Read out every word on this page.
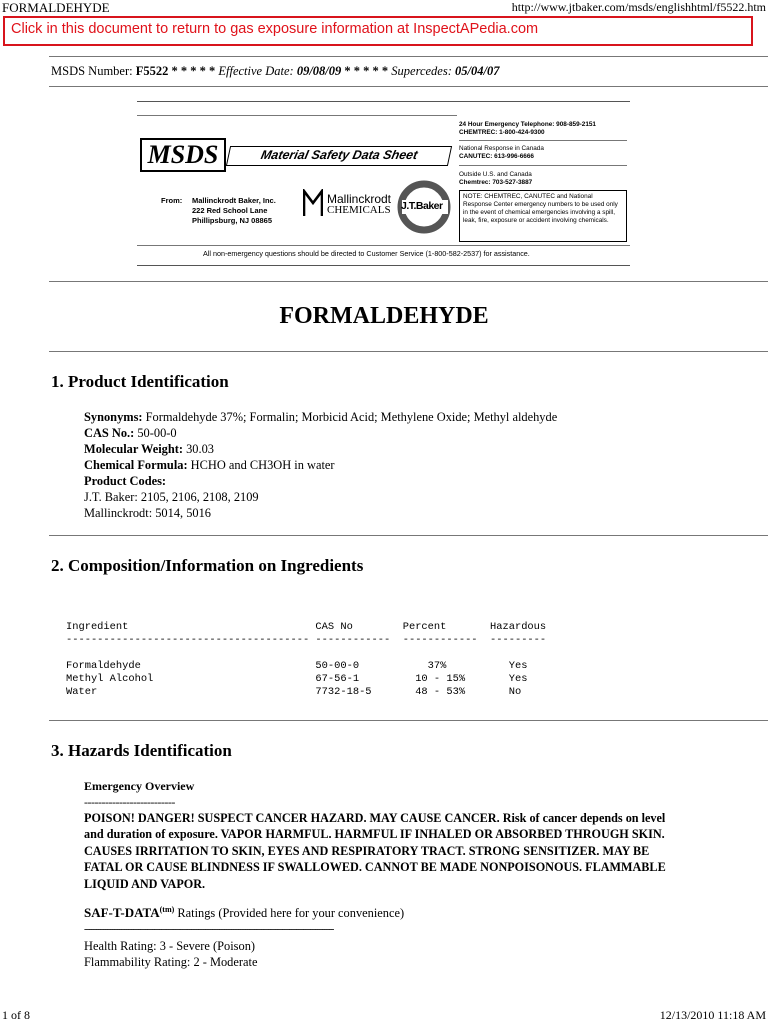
FORMALDEHYDE	http://www.jtbaker.com/msds/englishhtml/f5522.htm
Click in this document to return to gas exposure information at InspectAPedia.com
MSDS Number: F5522 * * * * * Effective Date: 09/08/09 * * * * * Supercedes: 05/04/07
MSDS	Material Safety Data Sheet
24 Hour Emergency Telephone: 908-859-2151
CHEMTREC: 1-800-424-9300
National Response in Canada
CANUTEC: 613-996-6666
Outside U.S. and Canada
Chemtrec: 703-527-3887
NOTE: CHEMTREC, CANUTEC and National Response Center emergency numbers to be used only in the event of chemical emergencies involving a spill, leak, fire, exposure or accident involving chemicals.
From: Mallinckrodt Baker, Inc.
222 Red School Lane
Phillipsburg, NJ 08865
Mallinckrodt
CHEMICALS J.T.Baker
All non-emergency questions should be directed to Customer Service (1-800-582-2537) for assistance.
FORMALDEHYDE
1. Product Identification
Synonyms: Formaldehyde 37%; Formalin; Morbicid Acid; Methylene Oxide; Methyl aldehyde
CAS No.: 50-00-0
Molecular Weight: 30.03
Chemical Formula: HCHO and CH3OH in water
Product Codes:
J.T. Baker: 2105, 2106, 2108, 2109
Mallinckrodt: 5014, 5016
2. Composition/Information on Ingredients
Ingredient                              CAS No        Percent       Hazardous
--------------------------------------- ------------  ------------  ---------

Formaldehyde                            50-00-0           37%          Yes
Methyl Alcohol                          67-56-1         10 - 15%       Yes
Water                                   7732-18-5       48 - 53%       No
3. Hazards Identification
Emergency Overview
--------------------------
POISON! DANGER! SUSPECT CANCER HAZARD. MAY CAUSE CANCER. Risk of cancer depends on level and duration of exposure. VAPOR HARMFUL. HARMFUL IF INHALED OR ABSORBED THROUGH SKIN. CAUSES IRRITATION TO SKIN, EYES AND RESPIRATORY TRACT. STRONG SENSITIZER. MAY BE FATAL OR CAUSE BLINDNESS IF SWALLOWED. CANNOT BE MADE NONPOISONOUS. FLAMMABLE LIQUID AND VAPOR.
SAF-$T-DATA^{(tm)}$ Ratings (Provided here for your convenience)
-----------------------------------------------------------------------------------------------------------
Health Rating: 3 - Severe (Poison)
Flammability Rating: 2 - Moderate
1 of 8	12/13/2010 11:18 AM
